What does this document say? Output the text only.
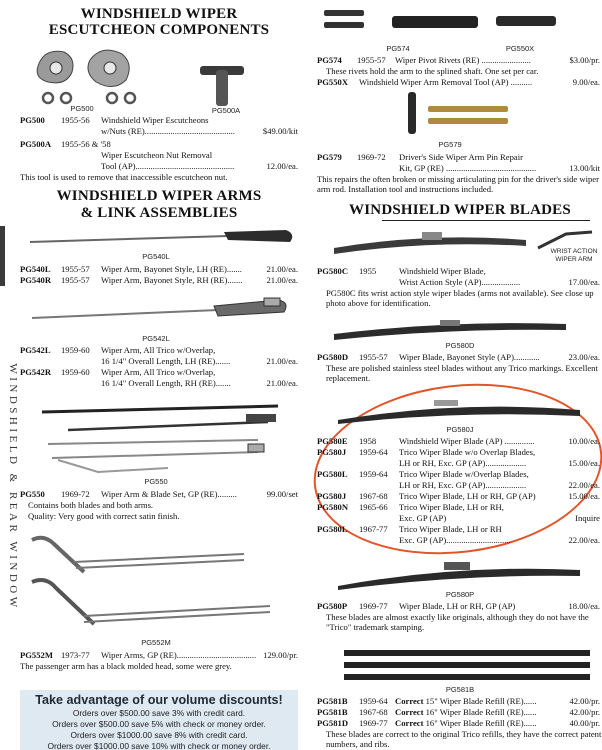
WINDSHIELD & REAR WINDOW
WINDSHIELD WIPER
ESCUTCHEON COMPONENTS
PG500	PG500A
PG500 1955-56 Windshield Wiper Escutcheons
w/Nuts (RE)..........................................	$49.00/kit
PG500A 1955-56 & '58
Wiper Escutcheon Nut Removal
Tool (AP)..............................................	12.00/ea.
This tool is used to remove that inaccessible escutcheon nut.
WINDSHIELD WIPER ARMS
& LINK ASSEMBLIES
PG540L
PG540L 1955-57 Wiper Arm, Bayonet Style, LH (RE).......	21.00/ea.
PG540R 1955-57 Wiper Arm, Bayonet Style, RH (RE).......	21.00/ea.
PG542L
PG542L 1959-60 Wiper Arm, All Trico w/Overlap,
16 1/4" Overall Length, LH (RE).......	21.00/ea.
PG542R 1959-60 Wiper Arm, All Trico w/Overlap,
16 1/4" Overall Length, RH (RE).......	21.00/ea.
PG550
PG550 1969-72 Wiper Arm & Blade Set, GP (RE).........	99.00/set
Contains both blades and both arms.
Quality: Very good with correct satin finish.
PG552M
PG552M 1973-77 Wiper Arms, GP (RE)..................................... 129.00/pr.
The passenger arm has a black molded head, some were grey.
Take advantage of our volume discounts!
Orders over $500.00 save 3% with credit card.
Orders over $500.00 save 5% with check or money order.
Orders over $1000.00 save 8% with credit card.
Orders over $1000.00 save 10% with check or money order.
PG574	PG550X
PG574 1955-57 Wiper Pivot Rivets (RE) .......................	$3.00/pr.
These rivets hold the arm to the splined shaft. One set per car.
PG550X Windshield Wiper Arm Removal Tool (AP) ..........	9.00/ea.
PG579
PG579 1969-72 Driver's Side Wiper Arm Pin Repair
Kit, GP (RE) ..........................................	13.00/kit
This repairs the often broken or missing articulating pin for the driver's side wiper arm rod. Installation tool and instructions included.
WINDSHIELD WIPER BLADES
WRIST ACTION
WIPER ARM
PG580C 1955	Windshield Wiper Blade,
Wrist Action Style (AP)..................	17.00/ea.
PG580C fits wrist action style wiper blades (arms not available). See close up photo above for identification.
PG580D
PG580D 1955-57 Wiper Blade, Bayonet Style (AP)............	23.00/ea.
These are polished stainless steel blades without any Trico markings. Excellent replacement.
PG580J
PG580E 1958	Windshield Wiper Blade (AP) ..............	10.00/ea.
PG580J 1959-64 Trico Wiper Blade w/o Overlap Blades,
LH or RH, Exc. GP (AP)...................	15.00/ea.
PG580L 1959-64 Trico Wiper Blade w/Overlap Blades,
LH or RH, Exc. GP (AP)...................	22.00/ea.
PG580J 1967-68 Trico Wiper Blade, LH or RH, GP (AP)	15.00/ea.
PG580N 1965-66 Trico Wiper Blade, LH or RH,
Exc. GP (AP)	Inquire
PG580L 1967-77 Trico Wiper Blade, LH or RH
Exc. GP (AP)..............................	22.00/ea.
PG580P
PG580P 1969-77 Wiper Blade, LH or RH, GP (AP)	18.00/ea.
These blades are almost exactly like originals, although they do not have the "Trico" trademark stamping.
PG581B
PG581B 1959-64 Correct 15" Wiper Blade Refill (RE)......	42.00/pr.
PG581B 1967-68 Correct 16" Wiper Blade Refill (RE)......	42.00/pr.
PG581D 1969-77 Correct 16" Wiper Blade Refill (RE)......	40.00/pr.
These blades are correct to the original Trico refills, they have the correct patent numbers, and ribs.
